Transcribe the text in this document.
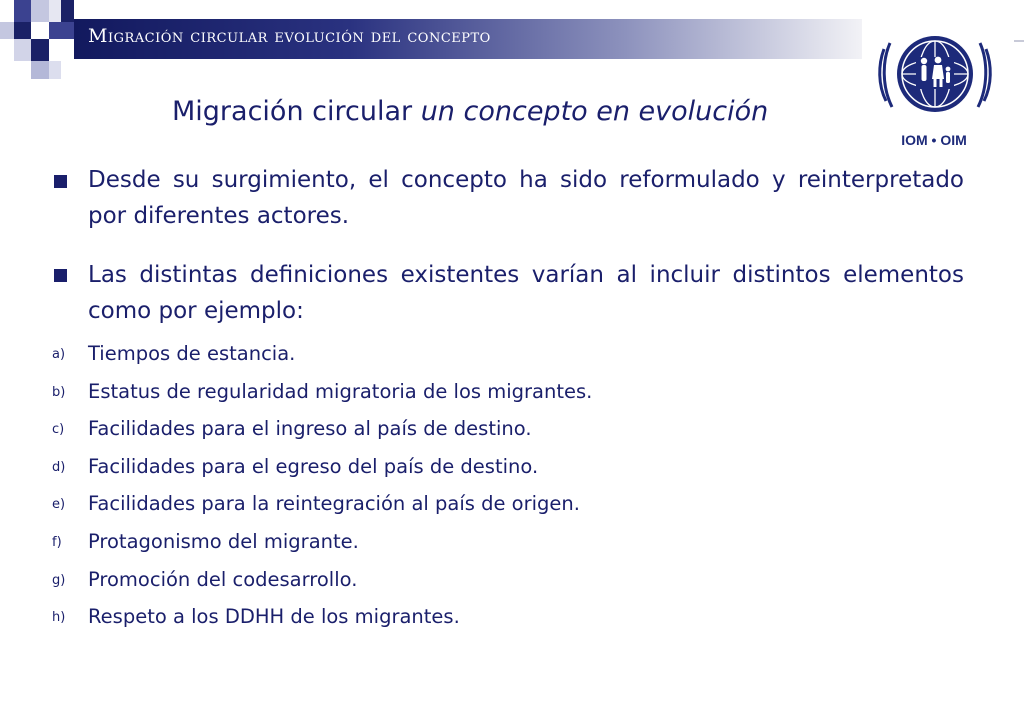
Migración circular evolución del concepto
IOM • OIM
Migración circular un concepto en evolución
Desde su surgimiento, el concepto ha sido reformulado y reinterpretado por diferentes actores.
Las distintas definiciones existentes varían al incluir distintos elementos como por ejemplo:
a) Tiempos de estancia.
b) Estatus de regularidad migratoria de los migrantes.
c) Facilidades para el ingreso al país de destino.
d) Facilidades para el egreso del país de destino.
e) Facilidades para la reintegración al país de origen.
f) Protagonismo del migrante.
g) Promoción del codesarrollo.
h) Respeto a los DDHH de los migrantes.
